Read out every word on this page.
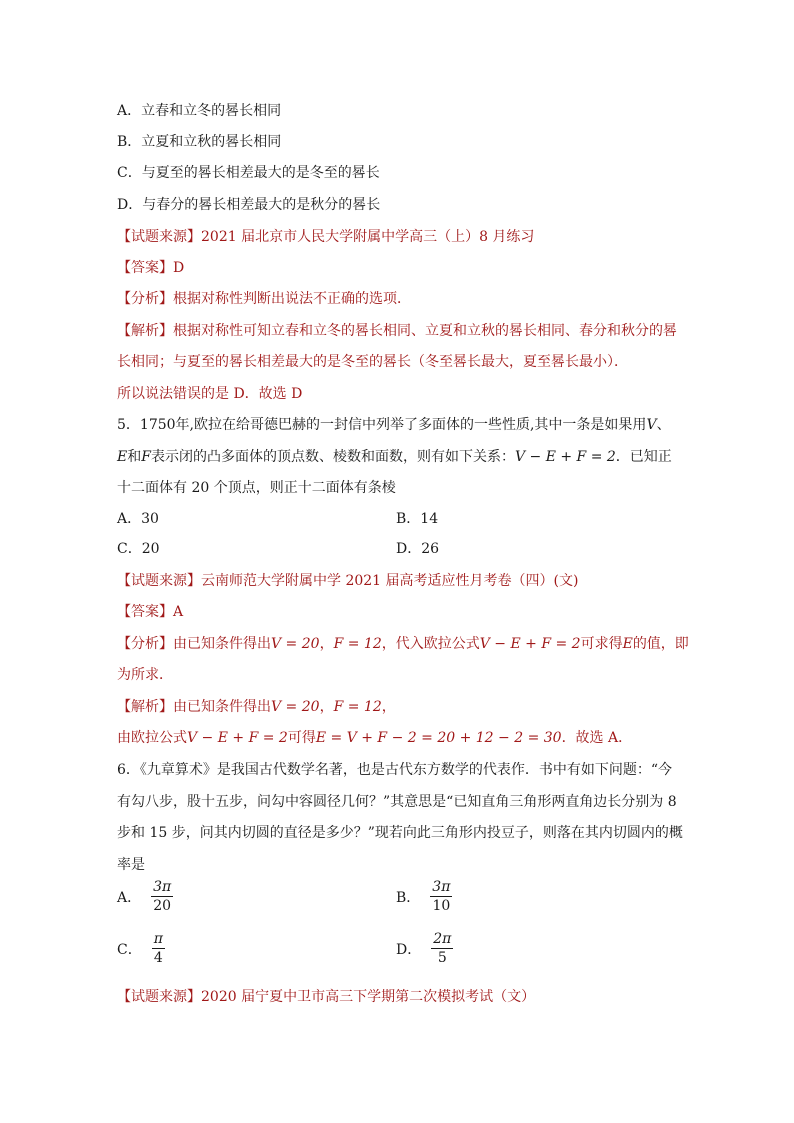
A．立春和立冬的晷长相同
B．立夏和立秋的晷长相同
C．与夏至的晷长相差最大的是冬至的晷长
D．与春分的晷长相差最大的是秋分的晷长
【试题来源】2021 届北京市人民大学附属中学高三（上）8 月练习
【答案】D
【分析】根据对称性判断出说法不正确的选项．
【解析】根据对称性可知立春和立冬的晷长相同、立夏和立秋的晷长相同、春分和秋分的晷
长相同；与夏至的晷长相差最大的是冬至的晷长（冬至晷长最大，夏至晷长最小）．
所以说法错误的是 D．故选 D
5．1750年,欧拉在给哥德巴赫的一封信中列举了多面体的一些性质,其中一条是如果用V、
E和F表示闭的凸多面体的顶点数、棱数和面数，则有如下关系：V − E + F = 2．已知正
十二面体有 20 个顶点，则正十二面体有条棱
A．30	B．14
C．20	D．26
【试题来源】云南师范大学附属中学 2021 届高考适应性月考卷（四）(文)
【答案】A
【分析】由已知条件得出V = 20，F = 12，代入欧拉公式V − E + F = 2可求得E的值，即
为所求．
【解析】由已知条件得出V = 20，F = 12，
由欧拉公式V − E + F = 2可得E = V + F − 2 = 20 + 12 − 2 = 30．故选 A．
6．《九章算术》是我国古代数学名著，也是古代东方数学的代表作．书中有如下问题：“今
有勾八步，股十五步，问勾中容圆径几何？”其意思是“已知直角三角形两直角边长分别为 8
步和 15 步，问其内切圆的直径是多少？”现若向此三角形内投豆子，则落在其内切圆内的概
率是
A． $\frac{3\pi}{20}$	B． $\frac{3\pi}{10}$
C． $\frac{\pi}{4}$	D． $\frac{2\pi}{5}$
【试题来源】2020 届宁夏中卫市高三下学期第二次模拟考试（文）
